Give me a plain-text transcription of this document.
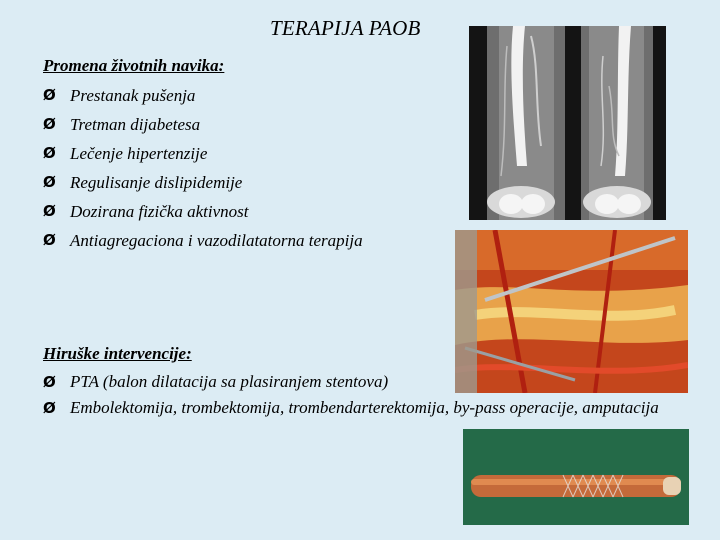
TERAPIJA PAOB
Promena životnih navika:
Ø Prestanak pušenja
Ø Tretman dijabetesa
Ø Lečenje hipertenzije
Ø Regulisanje dislipidemije
Ø Dozirana fizička aktivnost
Ø Antiagregaciona i vazodilatatorna terapija
Hiruške intervencije:
Ø PTA (balon dilatacija sa plasiranjem stentova)
Ø Embolektomija, trombektomija, trombendarterektomija, by-pass operacije, amputacija
